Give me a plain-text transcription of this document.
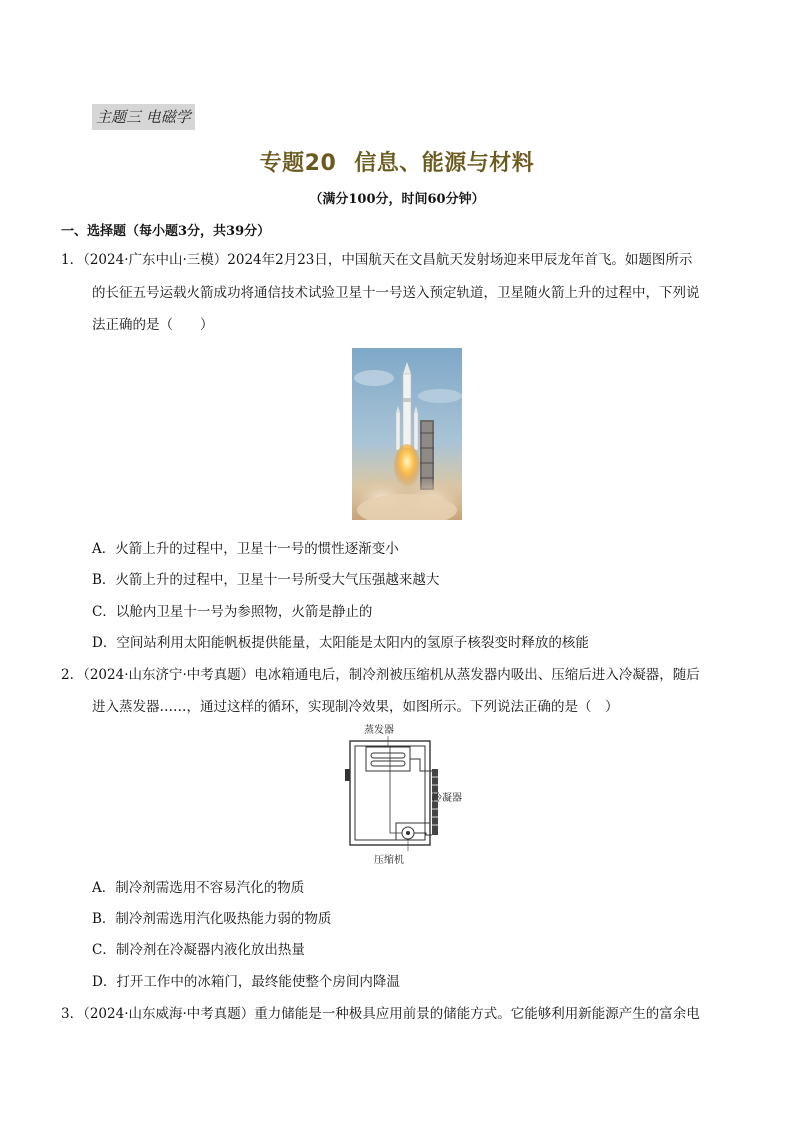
主题三 电磁学
专题20 信息、能源与材料
（满分100分，时间60分钟）
一、选择题（每小题3分，共39分）
1．（2024·广东中山·三模）2024年2月23日，中国航天在文昌航天发射场迎来甲辰龙年首飞。如题图所示
的长征五号运载火箭成功将通信技术试验卫星十一号送入预定轨道，卫星随火箭上升的过程中，下列说
法正确的是（　　）
A．火箭上升的过程中，卫星十一号的惯性逐渐变小
B．火箭上升的过程中，卫星十一号所受大气压强越来越大
C．以舱内卫星十一号为参照物，火箭是静止的
D．空间站利用太阳能帆板提供能量，太阳能是太阳内的氢原子核裂变时释放的核能
2．（2024·山东济宁·中考真题）电冰箱通电后，制冷剂被压缩机从蒸发器内吸出、压缩后进入冷凝器，随后
进入蒸发器……，通过这样的循环，实现制冷效果，如图所示。下列说法正确的是（　）
蒸发器
冷凝器
压缩机
A．制冷剂需选用不容易汽化的物质
B．制冷剂需选用汽化吸热能力弱的物质
C．制冷剂在冷凝器内液化放出热量
D．打开工作中的冰箱门，最终能使整个房间内降温
3．（2024·山东威海·中考真题）重力储能是一种极具应用前景的储能方式。它能够利用新能源产生的富余电
